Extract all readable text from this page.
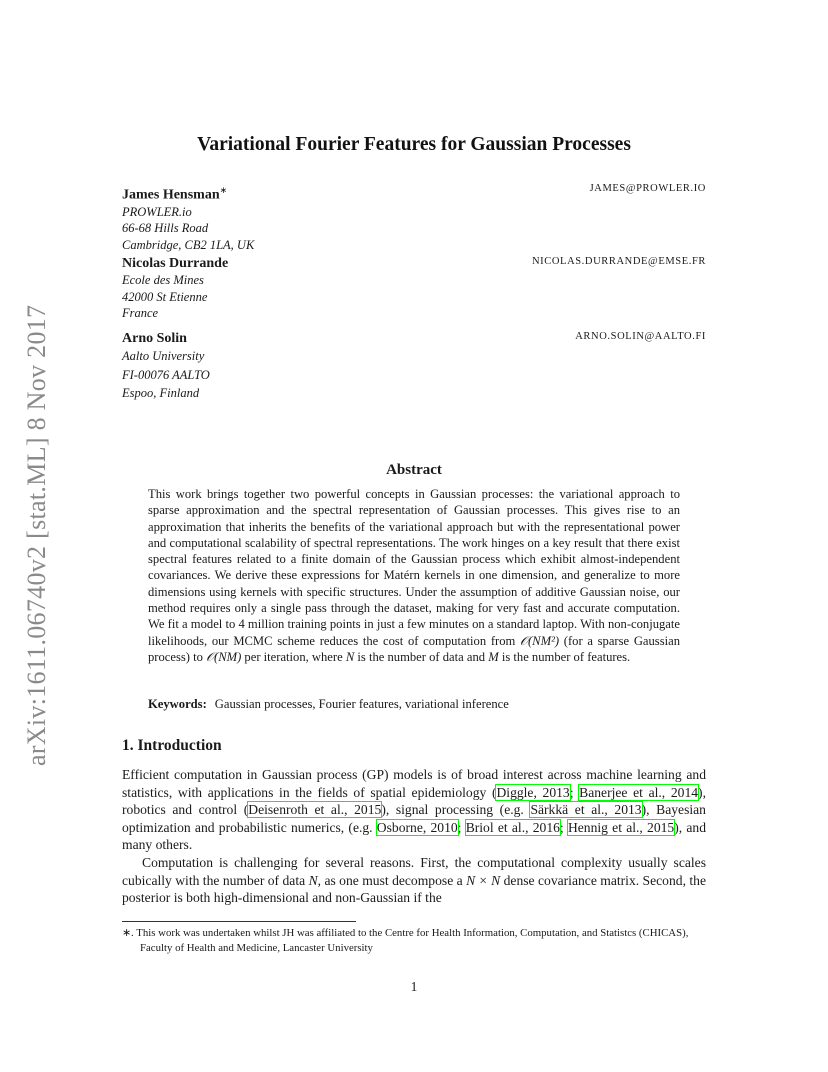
arXiv:1611.06740v2 [stat.ML] 8 Nov 2017
Variational Fourier Features for Gaussian Processes
James Hensman∗	JAMES@PROWLER.IO
PROWLER.io
66-68 Hills Road
Cambridge, CB2 1LA, UK
Nicolas Durrande	NICOLAS.DURRANDE@EMSE.FR
Ecole des Mines
42000 St Etienne
France
Arno Solin	ARNO.SOLIN@AALTO.FI
Aalto University
FI-00076 AALTO
Espoo, Finland
Abstract
This work brings together two powerful concepts in Gaussian processes: the variational approach to sparse approximation and the spectral representation of Gaussian processes. This gives rise to an approximation that inherits the benefits of the variational approach but with the representational power and computational scalability of spectral representations. The work hinges on a key result that there exist spectral features related to a finite domain of the Gaussian process which exhibit almost-independent covariances. We derive these expressions for Matérn kernels in one dimension, and generalize to more dimensions using kernels with specific structures. Under the assumption of additive Gaussian noise, our method requires only a single pass through the dataset, making for very fast and accurate computation. We fit a model to 4 million training points in just a few minutes on a standard laptop. With non-conjugate likelihoods, our MCMC scheme reduces the cost of computation from 𝒪(NM²) (for a sparse Gaussian process) to 𝒪(NM) per iteration, where N is the number of data and M is the number of features.
Keywords: Gaussian processes, Fourier features, variational inference
1. Introduction

Efficient computation in Gaussian process (GP) models is of broad interest across machine learning and statistics, with applications in the fields of spatial epidemiology (Diggle, 2013; Banerjee et al., 2014), robotics and control (Deisenroth et al., 2015), signal processing (e.g. Särkkä et al., 2013), Bayesian optimization and probabilistic numerics, (e.g. Osborne, 2010; Briol et al., 2016; Hennig et al., 2015), and many others.

Computation is challenging for several reasons. First, the computational complexity usually scales cubically with the number of data N, as one must decompose a N × N dense covariance matrix. Second, the posterior is both high-dimensional and non-Gaussian if the

∗. This work was undertaken whilst JH was affiliated to the Centre for Health Information, Computation, and Statistcs (CHICAS), Faculty of Health and Medicine, Lancaster University
1
